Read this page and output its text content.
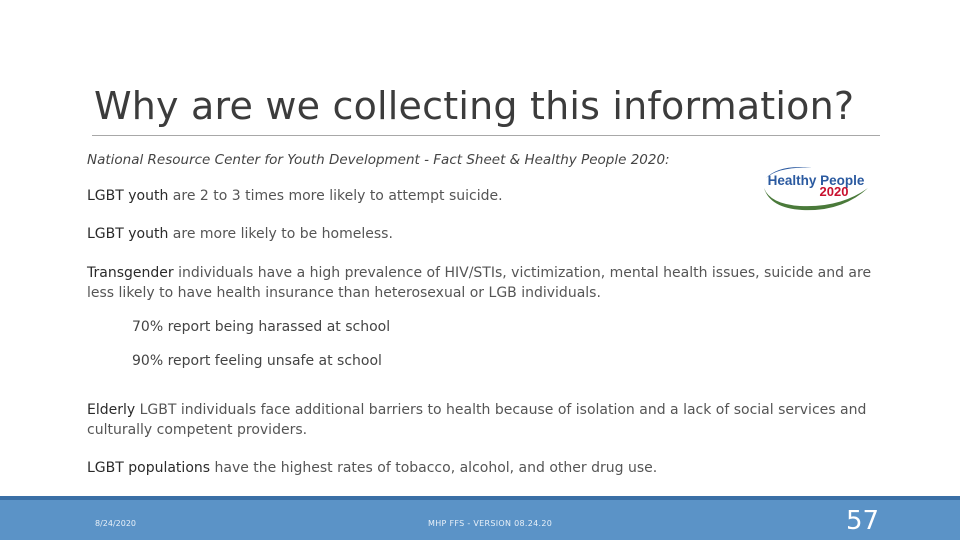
Why are we collecting this information?

National Resource Center for Youth Development - Fact Sheet & Healthy People 2020:

Healthy People
2020

LGBT youth are 2 to 3 times more likely to attempt suicide.

LGBT youth are more likely to be homeless.

Transgender individuals have a high prevalence of HIV/STIs, victimization, mental health issues, suicide and are less likely to have health insurance than heterosexual or LGB individuals.

70% report being harassed at school

90% report feeling unsafe at school

Elderly LGBT individuals face additional barriers to health because of isolation and a lack of social services and culturally competent providers.

LGBT populations have the highest rates of tobacco, alcohol, and other drug use.

8/24/2020	MHP FFS - VERSION 08.24.20	57
